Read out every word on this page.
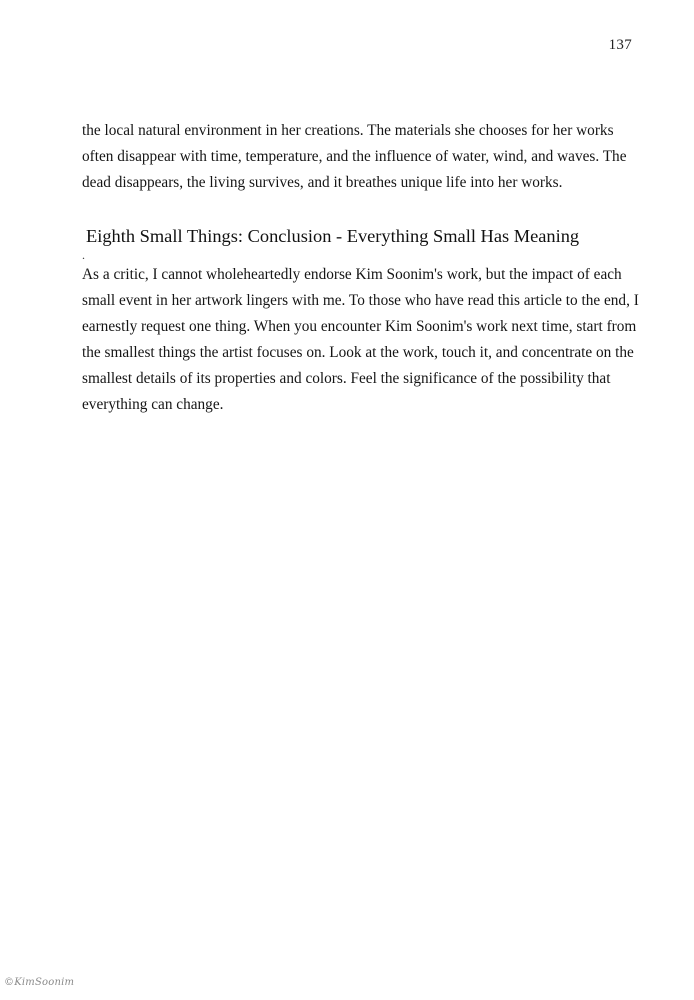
137

the local natural environment in her creations. The materials she chooses for her works often disappear with time, temperature, and the influence of water, wind, and waves. The dead disappears, the living survives, and it breathes unique life into her works.

Eighth Small Things: Conclusion - Everything Small Has Meaning
.

As a critic, I cannot wholeheartedly endorse Kim Soonim's work, but the impact of each small event in her artwork lingers with me. To those who have read this article to the end, I earnestly request one thing. When you encounter Kim Soonim's work next time, start from the smallest things the artist focuses on. Look at the work, touch it, and concentrate on the smallest details of its properties and colors. Feel the significance of the possibility that everything can change.

©KimSoonim
